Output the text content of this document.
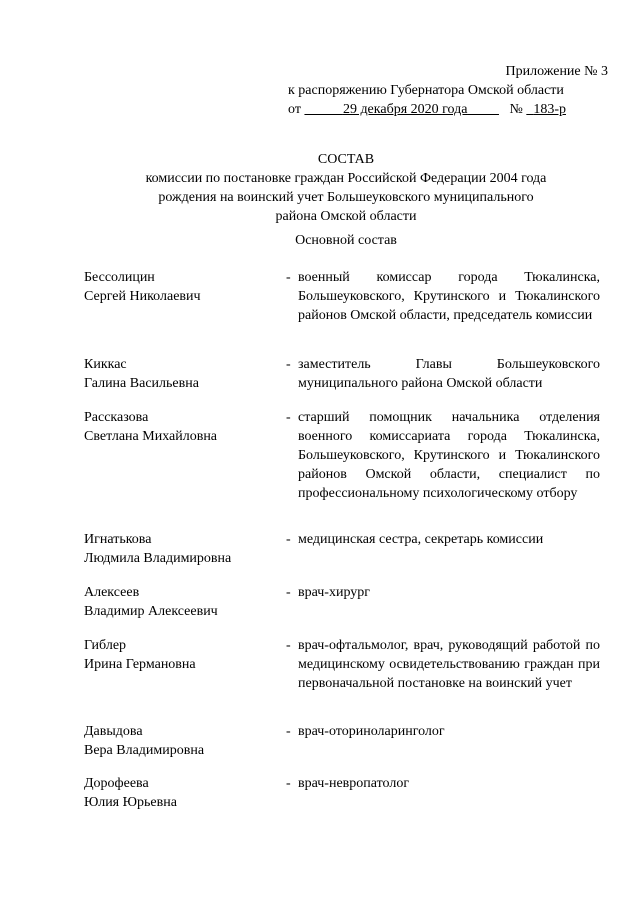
Приложение № 3
к распоряжению Губернатора Омской области
от	29 декабря 2020 года	№ 183-р
СОСТАВ
комиссии по постановке граждан Российской Федерации 2004 года
рождения на воинский учет Большеуковского муниципального
района Омской области
Основной состав
Бессолицин
Сергей Николаевич
- военный комиссар города Тюкалинска, Большеуковского, Крутинского и Тюкалинского районов Омской области, председатель комиссии
Киккас
Галина Васильевна
- заместитель Главы Большеуковского муниципального района Омской области
Рассказова
Светлана Михайловна
- старший помощник начальника отделения военного комиссариата города Тюкалинска, Большеуковского, Крутинского и Тюкалинского районов Омской области, специалист по профессиональному психологическому отбору
Игнатькова
Людмила Владимировна
- медицинская сестра, секретарь комиссии
Алексеев
Владимир Алексеевич
- врач-хирург
Гиблер
Ирина Германовна
- врач-офтальмолог, врач, руководящий работой по медицинскому освидетельствованию граждан при первоначальной постановке на воинский учет
Давыдова
Вера Владимировна
- врач-оториноларинголог
Дорофеева
Юлия Юрьевна
- врач-невропатолог
